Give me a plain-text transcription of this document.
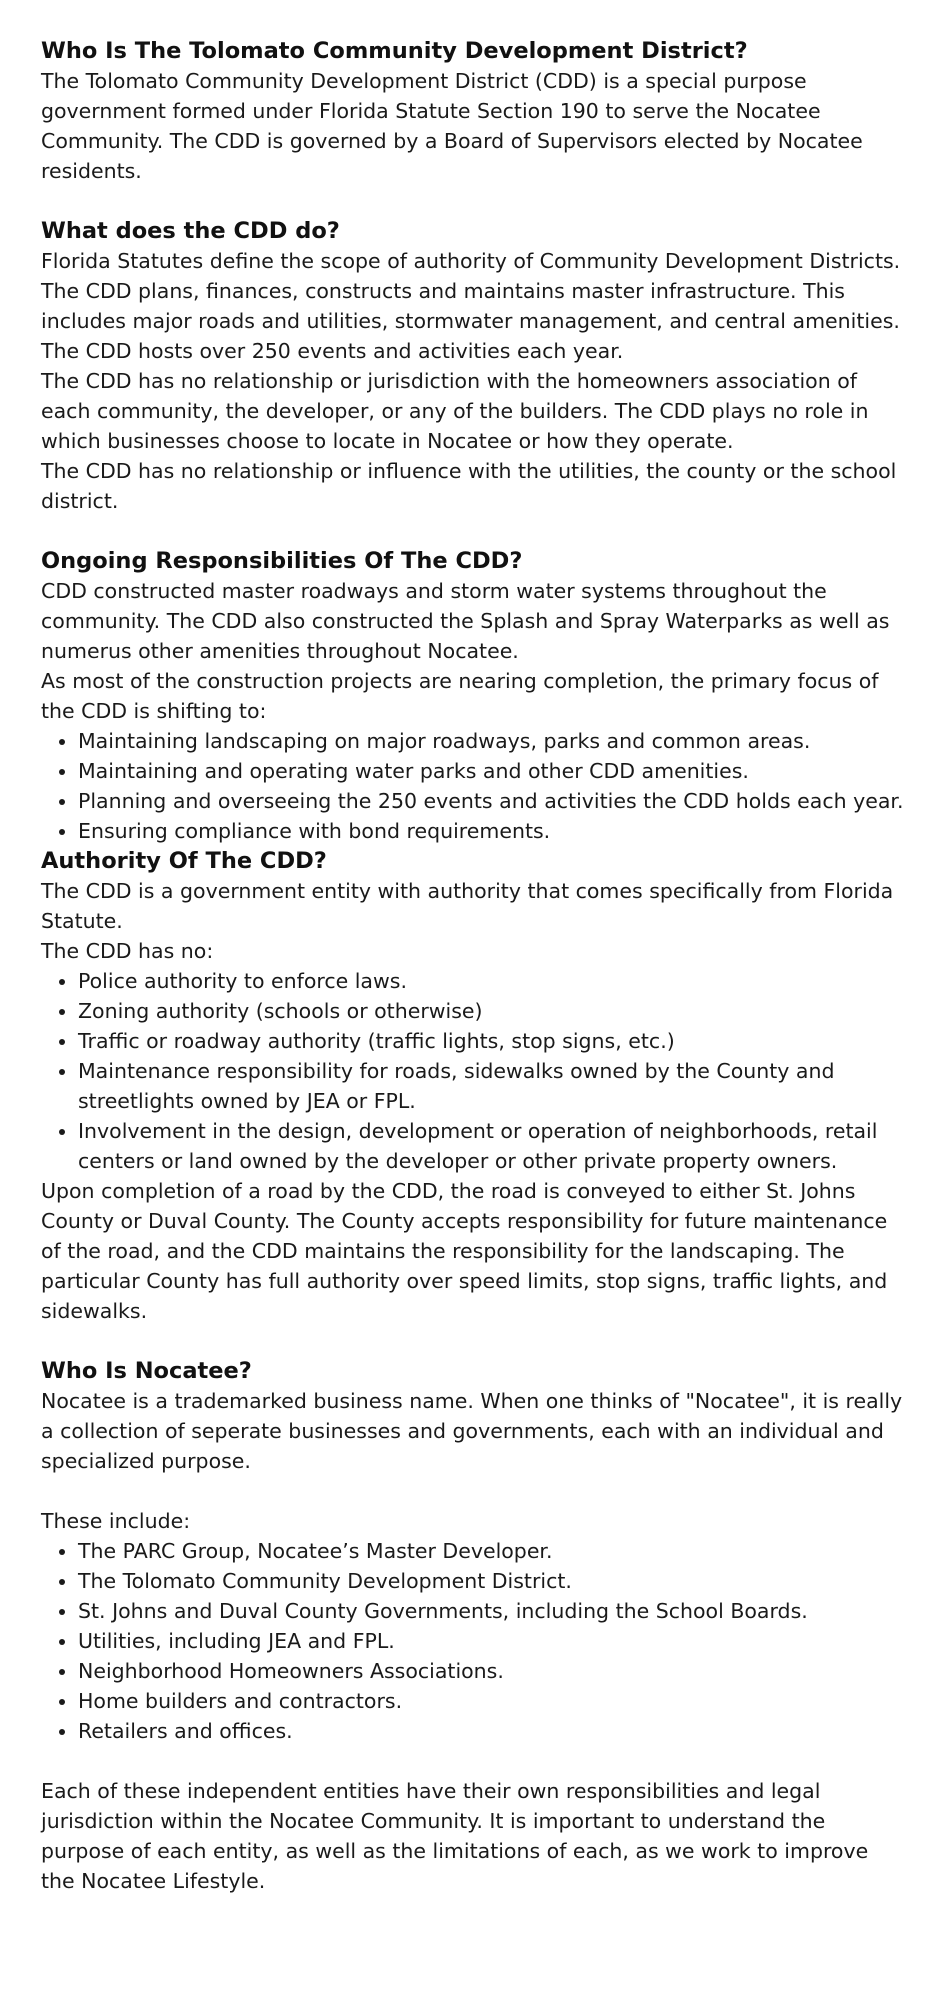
Who Is The Tolomato Community Development District?

The Tolomato Community Development District (CDD) is a special purpose government formed under Florida Statute Section 190 to serve the Nocatee Community. The CDD is governed by a Board of Supervisors elected by Nocatee residents.

What does the CDD do?

Florida Statutes define the scope of authority of Community Development Districts.

The CDD plans, finances, constructs and maintains master infrastructure. This includes major roads and utilities, stormwater management, and central amenities. The CDD hosts over 250 events and activities each year.

The CDD has no relationship or jurisdiction with the homeowners association of each community, the developer, or any of the builders. The CDD plays no role in which businesses choose to locate in Nocatee or how they operate.

The CDD has no relationship or influence with the utilities, the county or the school district.

Ongoing Responsibilities Of The CDD?

CDD constructed master roadways and storm water systems throughout the community. The CDD also constructed the Splash and Spray Waterparks as well as numerus other amenities throughout Nocatee.

As most of the construction projects are nearing completion, the primary focus of the CDD is shifting to:

• Maintaining landscaping on major roadways, parks and common areas.
• Maintaining and operating water parks and other CDD amenities.
• Planning and overseeing the 250 events and activities the CDD holds each year.
• Ensuring compliance with bond requirements.
Authority Of The CDD?

The CDD is a government entity with authority that comes specifically from Florida Statute.

The CDD has no:

• Police authority to enforce laws.
• Zoning authority (schools or otherwise)
• Traffic or roadway authority (traffic lights, stop signs, etc.)
• Maintenance responsibility for roads, sidewalks owned by the County and streetlights owned by JEA or FPL.
• Involvement in the design, development or operation of neighborhoods, retail centers or land owned by the developer or other private property owners.

Upon completion of a road by the CDD, the road is conveyed to either St. Johns County or Duval County. The County accepts responsibility for future maintenance of the road, and the CDD maintains the responsibility for the landscaping. The particular County has full authority over speed limits, stop signs, traffic lights, and sidewalks.

Who Is Nocatee?

Nocatee is a trademarked business name. When one thinks of "Nocatee", it is really a collection of seperate businesses and governments, each with an individual and specialized purpose.

These include:

• The PARC Group, Nocatee’s Master Developer.
• The Tolomato Community Development District.
• St. Johns and Duval County Governments, including the School Boards.
• Utilities, including JEA and FPL.
• Neighborhood Homeowners Associations.
• Home builders and contractors.
• Retailers and offices.

Each of these independent entities have their own responsibilities and legal jurisdiction within the Nocatee Community. It is important to understand the purpose of each entity, as well as the limitations of each, as we work to improve the Nocatee Lifestyle.
